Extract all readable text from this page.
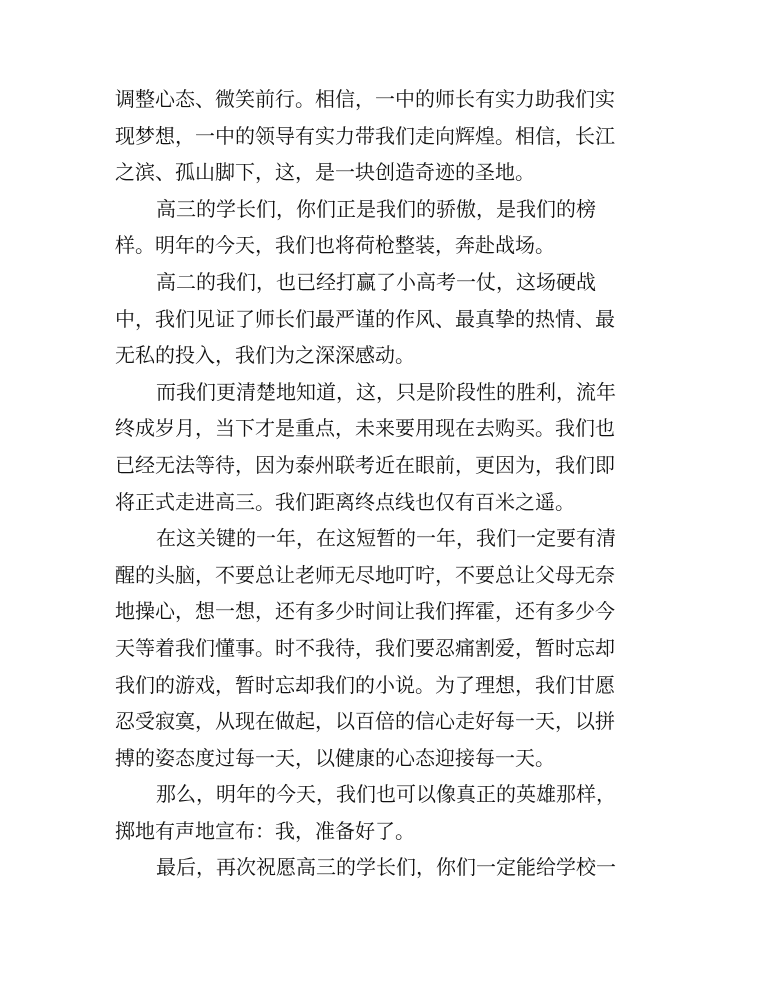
调整心态、微笑前行。相信，一中的师长有实力助我们实
现梦想，一中的领导有实力带我们走向辉煌。相信，长江
之滨、孤山脚下，这，是一块创造奇迹的圣地。
高三的学长们，你们正是我们的骄傲，是我们的榜
样。明年的今天，我们也将荷枪整装，奔赴战场。
高二的我们，也已经打赢了小高考一仗，这场硬战
中，我们见证了师长们最严谨的作风、最真挚的热情、最
无私的投入，我们为之深深感动。
而我们更清楚地知道，这，只是阶段性的胜利，流年
终成岁月，当下才是重点，未来要用现在去购买。我们也
已经无法等待，因为泰州联考近在眼前，更因为，我们即
将正式走进高三。我们距离终点线也仅有百米之遥。
在这关键的一年，在这短暂的一年，我们一定要有清
醒的头脑，不要总让老师无尽地叮咛，不要总让父母无奈
地操心，想一想，还有多少时间让我们挥霍，还有多少今
天等着我们懂事。时不我待，我们要忍痛割爱，暂时忘却
我们的游戏，暂时忘却我们的小说。为了理想，我们甘愿
忍受寂寞，从现在做起，以百倍的信心走好每一天，以拼
搏的姿态度过每一天，以健康的心态迎接每一天。
那么，明年的今天，我们也可以像真正的英雄那样，
掷地有声地宣布：我，准备好了。
最后，再次祝愿高三的学长们，你们一定能给学校一
